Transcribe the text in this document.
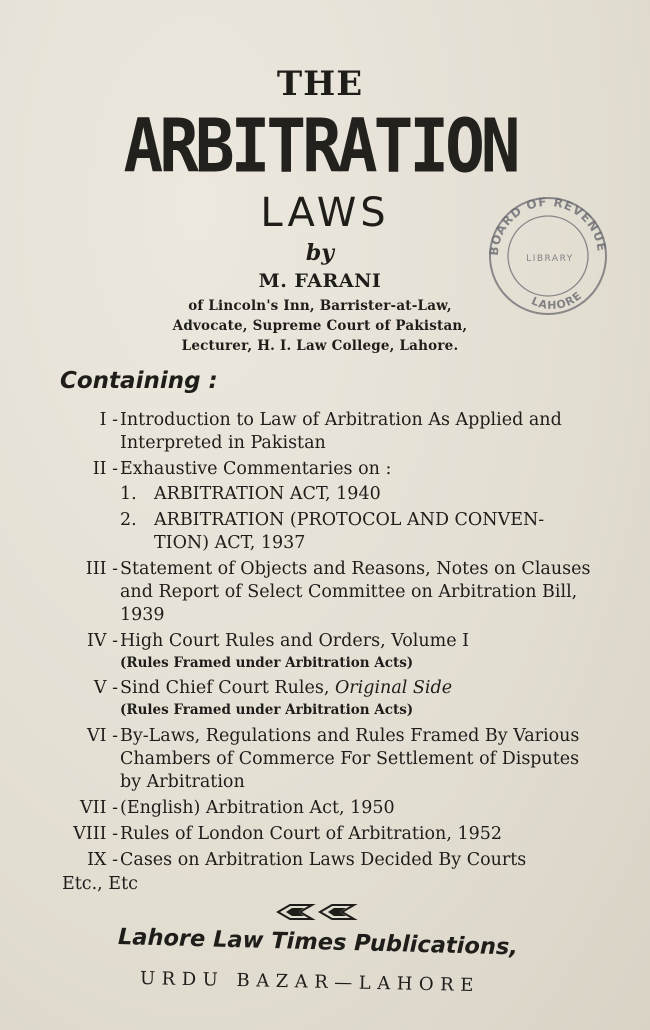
THE
ARBITRATION
LAWS
by
M. FARANI
of Lincoln's Inn, Barrister-at-Law,
Advocate, Supreme Court of Pakistan,
Lecturer, H. I. Law College, Lahore.
BOARD OF REVENUE
LIBRARY
LAHORE
Containing :
I - Introduction to Law of Arbitration As Applied and
Interpreted in Pakistan
II - Exhaustive Commentaries on :
1. ARBITRATION ACT, 1940
2. ARBITRATION (PROTOCOL AND CONVEN-
TION) ACT, 1937
III - Statement of Objects and Reasons, Notes on Clauses
and Report of Select Committee on Arbitration Bill,
1939
IV - High Court Rules and Orders, Volume I
(Rules Framed under Arbitration Acts)
V - Sind Chief Court Rules, Original Side
(Rules Framed under Arbitration Acts)
VI - By-Laws, Regulations and Rules Framed By Various
Chambers of Commerce For Settlement of Disputes
by Arbitration
VII - (English) Arbitration Act, 1950
VIII - Rules of London Court of Arbitration, 1952
IX - Cases on Arbitration Laws Decided By Courts
Etc., Etc
Lahore Law Times Publications,
URDU BAZAR—LAHORE
